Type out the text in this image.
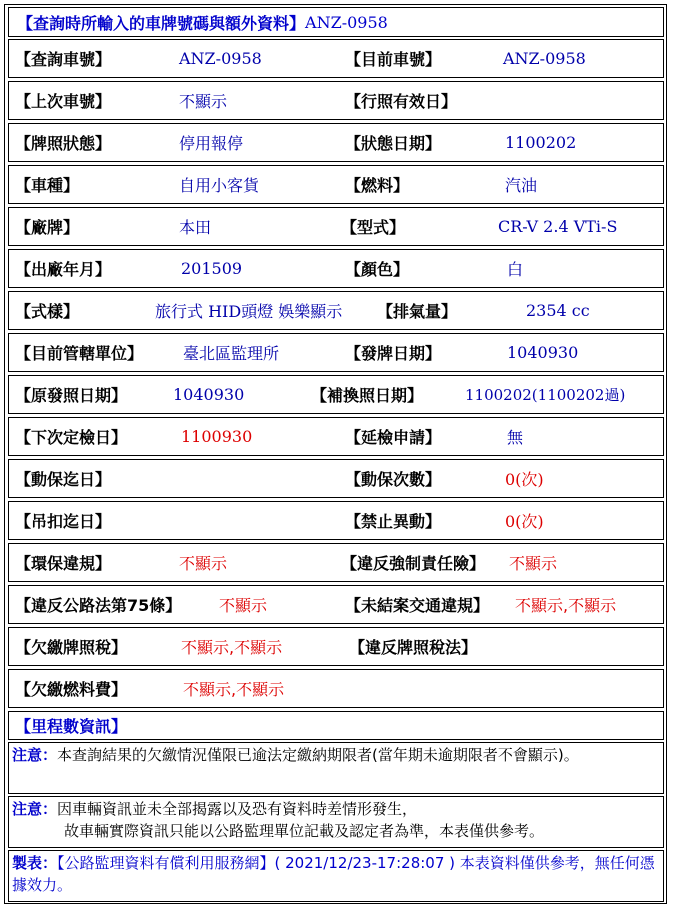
【查詢時所輸入的車牌號碼與額外資料】 ANZ-0958
【查詢車號】	ANZ-0958	【目前車號】	ANZ-0958
【上次車號】	不顯示	【行照有效日】
【牌照狀態】	停用報停	【狀態日期】	1100202
【車種】	自用小客貨	【燃料】	汽油
【廠牌】	本田	【型式】	CR-V 2.4 VTi-S
【出廠年月】	201509	【顏色】	白
【式樣】	旅行式 HID頭燈 娛樂顯示 【排氣量】	2354 cc
【目前管轄單位】 臺北區監理所	【發牌日期】	1040930
【原發照日期】	1040930	【補換照日期】	1100202(1100202過)
【下次定檢日】	1100930	【延檢申請】	無
【動保迄日】	【動保次數】	0(次)
【吊扣迄日】	【禁止異動】	0(次)
【環保違規】	不顯示	【違反強制責任險】 不顯示
【違反公路法第75條】 不顯示	【未結案交通違規】 不顯示,不顯示
【欠繳牌照稅】	不顯示,不顯示	【違反牌照稅法】
【欠繳燃料費】	不顯示,不顯示
【里程數資訊】
注意：本查詢結果的欠繳情況僅限已逾法定繳納期限者(當年期未逾期限者不會顯示)。
注意：因車輛資訊並未全部揭露以及恐有資料時差情形發生，
故車輛實際資訊只能以公路監理單位記載及認定者為準，本表僅供參考。
製表：【公路監理資料有償利用服務網】( 2021/12/23-17:28:07 ) 本表資料僅供參考，無任何憑據效力。
